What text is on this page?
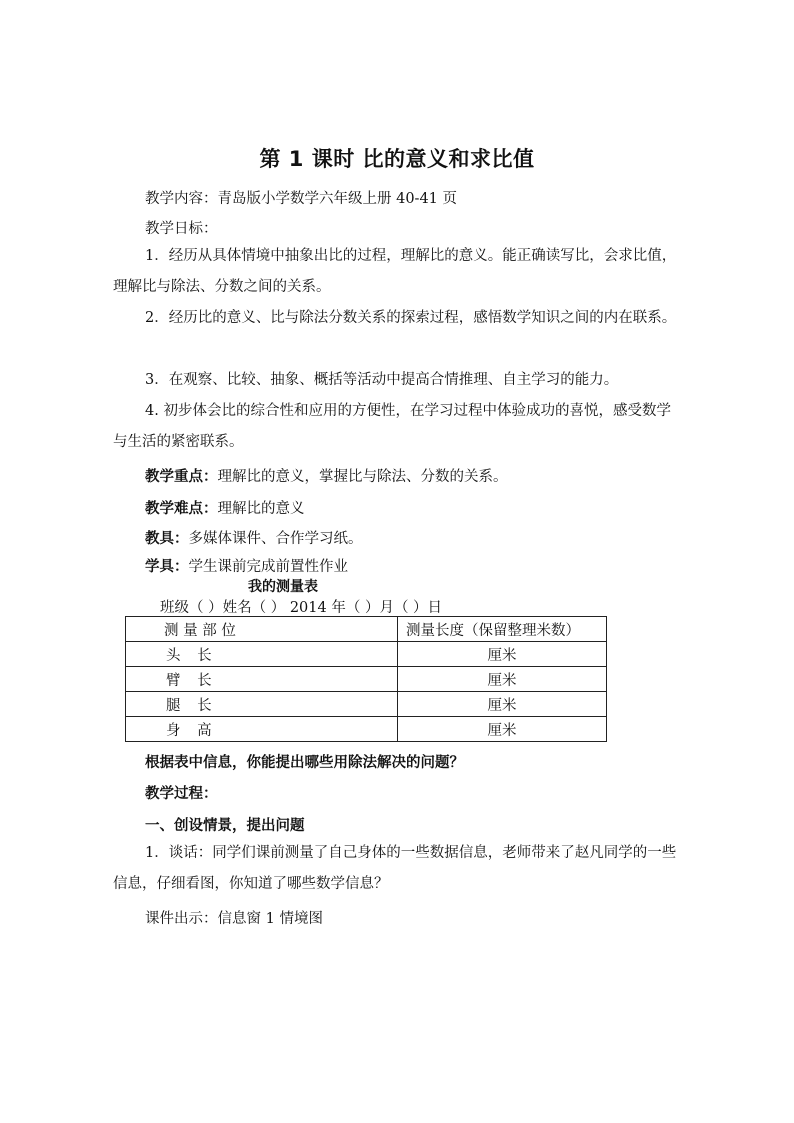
第 1 课时 比的意义和求比值
教学内容：青岛版小学数学六年级上册 40-41 页
教学日标：
1．经历从具体情境中抽象出比的过程，理解比的意义。能正确读写比，会求比值，理解比与除法、分数之间的关系。
2．经历比的意义、比与除法分数关系的探索过程，感悟数学知识之间的内在联系。
3．在观察、比较、抽象、概括等活动中提高合情推理、自主学习的能力。
4. 初步体会比的综合性和应用的方便性，在学习过程中体验成功的喜悦，感受数学与生活的紧密联系。
教学重点：理解比的意义，掌握比与除法、分数的关系。
教学难点：理解比的意义
教具：多媒体课件、合作学习纸。
学具：学生课前完成前置性作业
我的测量表
班级（ ）姓名（ ） 2014 年（ ）月（ ）日
测 量 部 位	测量长度（保留整理米数）
头 长	厘米
臂 长	厘米
腿 长	厘米
身 高	厘米
根据表中信息，你能提出哪些用除法解决的问题？
教学过程：
一、创设情景，提出问题
1．谈话：同学们课前测量了自己身体的一些数据信息，老师带来了赵凡同学的一些信息，仔细看图，你知道了哪些数学信息？
课件出示：信息窗 1 情境图
